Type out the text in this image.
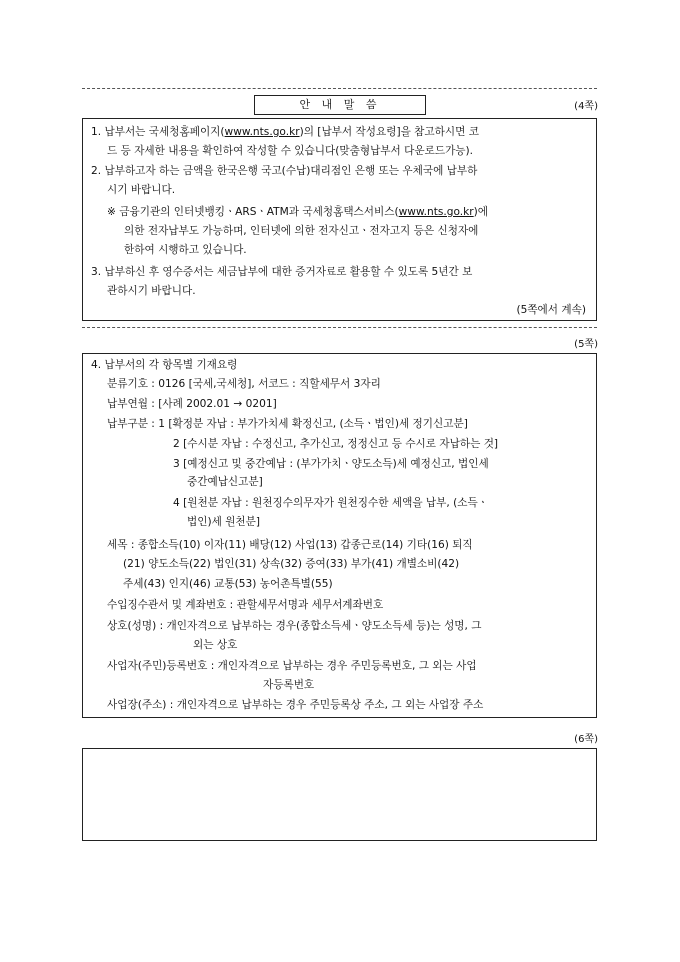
안 내 말 씀	(4쪽)
1. 납부서는 국세청홈페이지(www.nts.go.kr)의 [납부서 작성요령]을 참고하시면 코
드 등 자세한 내용을 확인하여 작성할 수 있습니다(맞춤형납부서 다운로드가능).
2. 납부하고자 하는 금액을 한국은행 국고(수납)대리점인 은행 또는 우체국에 납부하
시기 바랍니다.
※ 금융기관의 인터넷뱅킹ㆍARSㆍATM과 국세청홈택스서비스(www.nts.go.kr)에
의한 전자납부도 가능하며, 인터넷에 의한 전자신고ㆍ전자고지 등은 신청자에
한하여 시행하고 있습니다.
3. 납부하신 후 영수증서는 세금납부에 대한 증거자료로 활용할 수 있도록 5년간 보
관하시기 바랍니다.
(5쪽에서 계속)
(5쪽)
4. 납부서의 각 항목별 기재요령
분류기호 : 0126 [국세,국세청], 서코드 : 직할세무서 3자리
납부연월 : [사례 2002.01 → 0201]
납부구분 : 1 [확정분 자납 : 부가가치세 확정신고, (소득ㆍ법인)세 정기신고분]
2 [수시분 자납 : 수정신고, 추가신고, 정정신고 등 수시로 자납하는 것]
3 [예정신고 및 중간예납 : (부가가치ㆍ양도소득)세 예정신고, 법인세
중간예납신고분]
4 [원천분 자납 : 원천징수의무자가 원천징수한 세액을 납부, (소득ㆍ
법인)세 원천분]
세목 : 종합소득(10) 이자(11) 배당(12) 사업(13) 갑종근로(14) 기타(16) 퇴직
(21) 양도소득(22) 법인(31) 상속(32) 증여(33) 부가(41) 개별소비(42)
주세(43) 인지(46) 교통(53) 농어촌특별(55)
수입징수관서 및 계좌번호 : 관할세무서명과 세무서계좌번호
상호(성명) : 개인자격으로 납부하는 경우(종합소득세ㆍ양도소득세 등)는 성명, 그
외는 상호
사업자(주민)등록번호 : 개인자격으로 납부하는 경우 주민등록번호, 그 외는 사업
자등록번호
사업장(주소) : 개인자격으로 납부하는 경우 주민등록상 주소, 그 외는 사업장 주소
(6쪽)
